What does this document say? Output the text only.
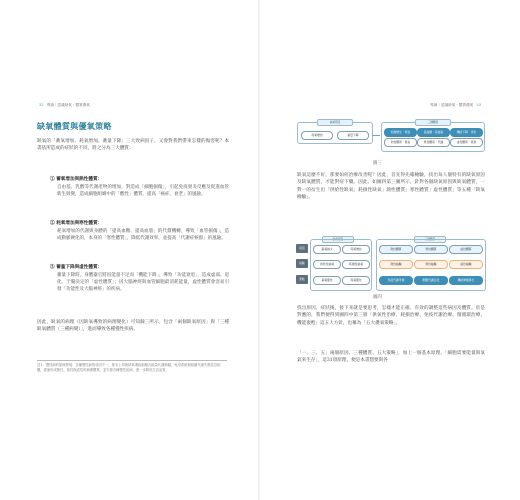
32 導讀｜認識缺氧・體質優氧
缺氧體質與優氧策略
缺氧的「蓄氧增加、耗氧增加、蓄量下降」三大致病因子，又會對我們帶來怎樣的傷害呢？本書依所造成的症狀的不同，將之分為三大體質：
① 蓄氧增加與熱性體質：
自由基、乳酸等代謝產物的增加，對造成「細胞損傷」，引起免疫發炎反應及促進血管新生與變，造成細胞組織中的「酸性」體質，提高「癌症、衰老」的風險。
② 耗氧增加與寒性體質：
耗氧增加的代謝與身體的「提高血糖、提高血脂」的代償機轉，導致「血管損傷」，造成動脈硬化的，本身的「寒性體質」，降低代謝效率，並提高「代謝症候群」的風險。
③ 蓄量下降與虛性體質：
蓄量下降時，身體器官將因能量不足而「機能下降」，導致「功能衰退」，造成虛弱、退化、于腸決定的「虛性體質」；因大腦神經與血管細胞最消耗能量，虛性體質會容易引發「功能性及大腦神經」的疾病。
因此，缺氧的病理（因缺氧導致的病理變化）可知歸三所示，包含「兩個缺氧原因」與「三種缺氧體質（三種病變）」，進而導致各種慢性疾病。
註1：慢性病的原理發現：各種慢性病的成因不一，基本上均與缺氧導致細胞內能量代謝障礙、免疫系統與組織代謝失衡息息相關，從而形成熱性、寒性與虛性的病理體質，並引發各種慢性疾病，進一步降低生活品質。
導讀｜認識缺氧・體質優氧 33
缺氧原因
耗氧增加	蓄量下降
三種體質
乳酸增生・發炎	高血糖・高血脂	機能下降・退化
熱性體質・發炎	寒性體質・代謝	虛性體質・衰退
圖三
缺氧這麼不好，那要如何治療改善呢？因此，首先得先確檢驗，找出每人個特有的缺氧原因及缺氧體質，才能對症下藥。因此，如圖四第三圖所示，針對各個缺氧原因與缺氧體質，一對一的衍生出「供給性缺氧」耗損性缺氧」熱性體質」寒性體質」虛性體質」等五種「缺氧檢驗」。
缺氧原因	三種體質
病因	蓄氧減少	耗氧增加	熱性體質	寒性體質	虛性體質
檢驗	供給性缺氧	耗損性缺氧	熱性檢驗	寒性檢驗	虛性檢驗
策略	蓄氧優化	耗氧優化	免疫代謝平衡	細胞代謝活化	機能修復再生
圖四
找出原因，症狀後，接下來就是要思考，怎樣才能正確、有效的調整這些病因及體質。於是對應的，我們便得到圖四中第三層「供氧性治療、耗損治療、免疫代謝治療、微循環治療、機能復甦」這五大方針，也稱為「五大優氧策略」。
「一、三、五」兩個原因、三種體質、五大策略」，加上一個基本原理，「細胞需要能量與氧氣來生存」，這31項原理，便是本書想要與各
